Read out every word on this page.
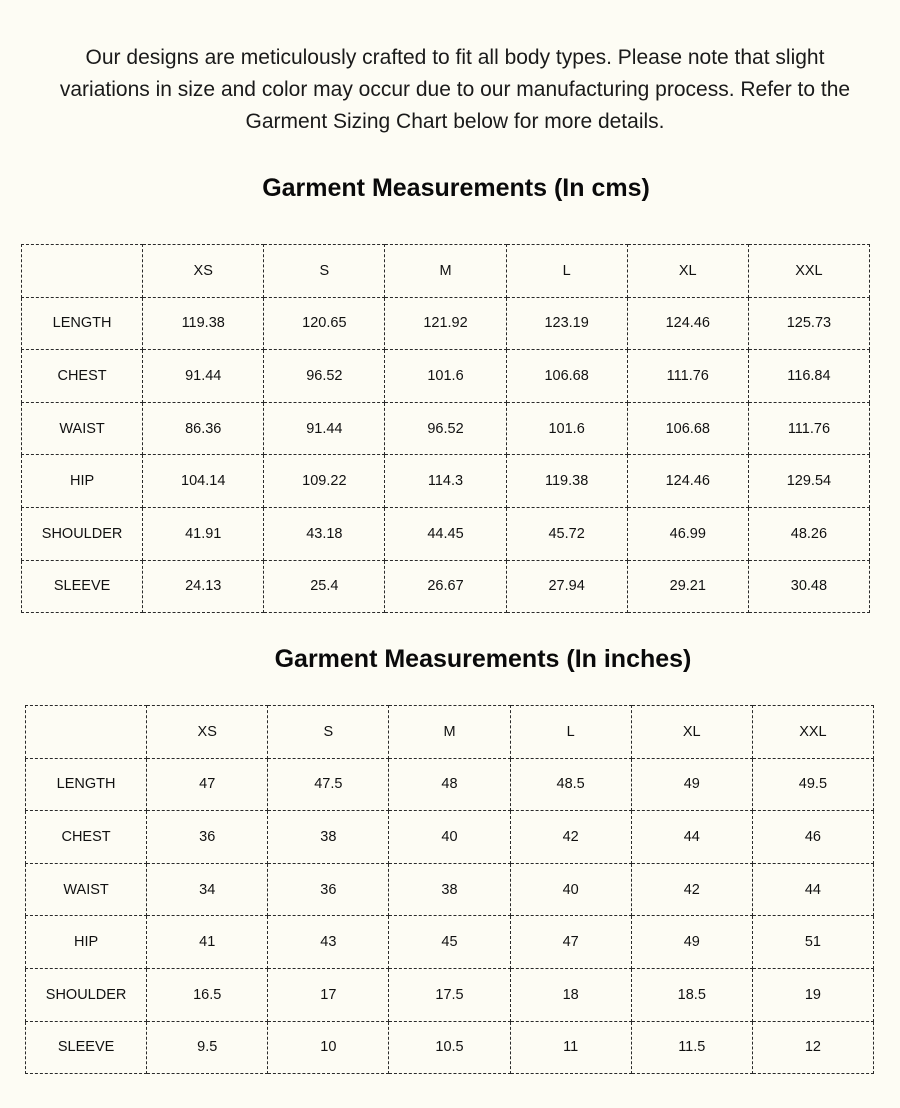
Our designs are meticulously crafted to fit all body types. Please note that slight variations in size and color may occur due to our manufacturing process. Refer to the Garment Sizing Chart below for more details.
Garment Measurements (In cms)
	XS	S	M	L	XL	XXL
LENGTH	119.38	120.65	121.92	123.19	124.46	125.73
CHEST	91.44	96.52	101.6	106.68	111.76	116.84
WAIST	86.36	91.44	96.52	101.6	106.68	111.76
HIP	104.14	109.22	114.3	119.38	124.46	129.54
SHOULDER	41.91	43.18	44.45	45.72	46.99	48.26
SLEEVE	24.13	25.4	26.67	27.94	29.21	30.48
Garment Measurements (In inches)
	XS	S	M	L	XL	XXL
LENGTH	47	47.5	48	48.5	49	49.5
CHEST	36	38	40	42	44	46
WAIST	34	36	38	40	42	44
HIP	41	43	45	47	49	51
SHOULDER	16.5	17	17.5	18	18.5	19
SLEEVE	9.5	10	10.5	11	11.5	12
